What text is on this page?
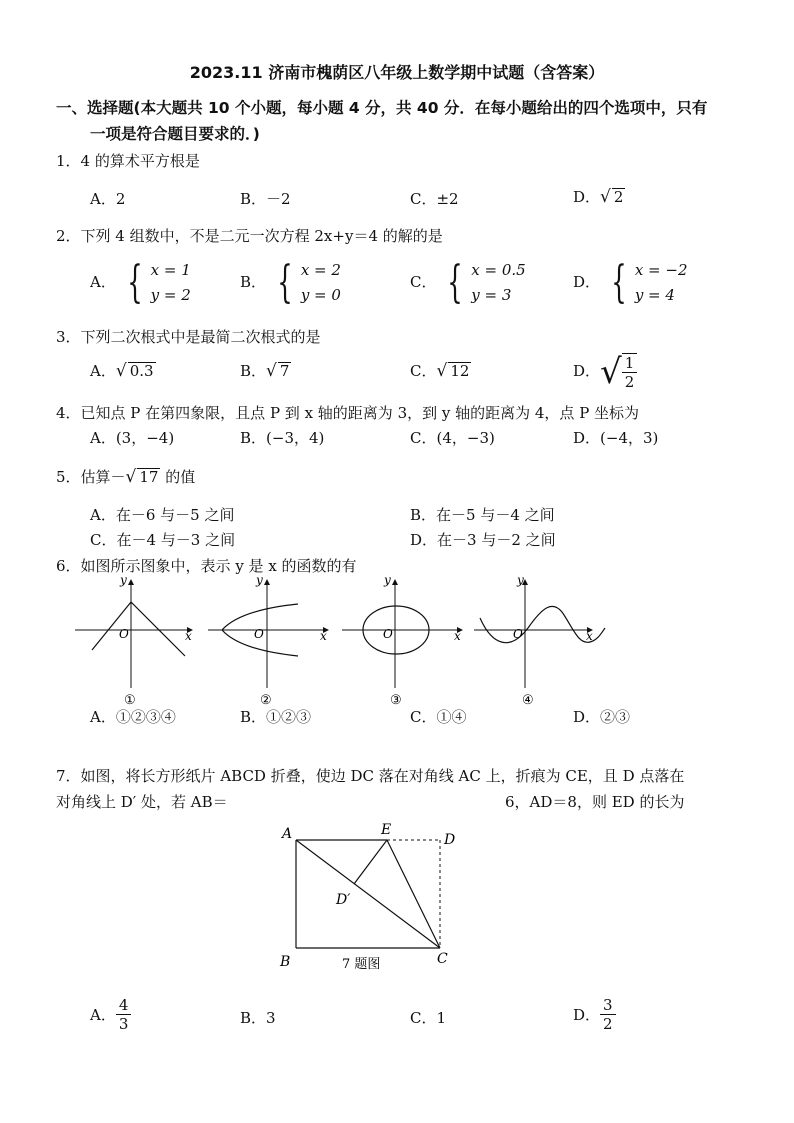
2023.11 济南市槐荫区八年级上数学期中试题（含答案）
一、选择题(本大题共 10 个小题，每小题 4 分，共 40 分．在每小题给出的四个选项中，只有
一项是符合题目要求的．)
1．4 的算术平方根是
A．2	B．－2	C．±2	D．√ 2
2．下列 4 组数中，不是二元一次方程 2x+y＝4 的解的是
A． { x = 1
y = 2
B． { x = 2
y = 0
C． { x = 0.5
y = 3
D． { x = −2
y = 4
3．下列二次根式中是最简二次根式的是
A．√ 0.3	B．√ 7	C．√ 12	D．√ $\frac{1}{2}$
4．已知点 P 在第四象限，且点 P 到 x 轴的距离为 3，到 y 轴的距离为 4，点 P 坐标为
A．(3，−4)	B．(−3，4)	C．(4，−3)	D．(−4，3)
5．估算－√ 17 的值
A．在－6 与－5 之间	B．在－5 与－4 之间
C．在－4 与－3 之间	D．在－3 与－2 之间
6．如图所示图象中，表示 y 是 x 的函数的有
x
y
O
①
x
y
O
②
x
y
O
③
x
y
O
④
A．①②③④	B．①②③	C．①④	D．②③
7．如图，将长方形纸片 ABCD 折叠，使边 DC 落在对角线 AC 上，折痕为 CE，且 D 点落在
对角线上 D′ 处，若 AB＝	6，AD＝8，则 ED 的长为
A	E
D
D′
B	C
7 题图
A． $\frac{4}{3}$	B．3	C．1	D． $\frac{3}{2}$
